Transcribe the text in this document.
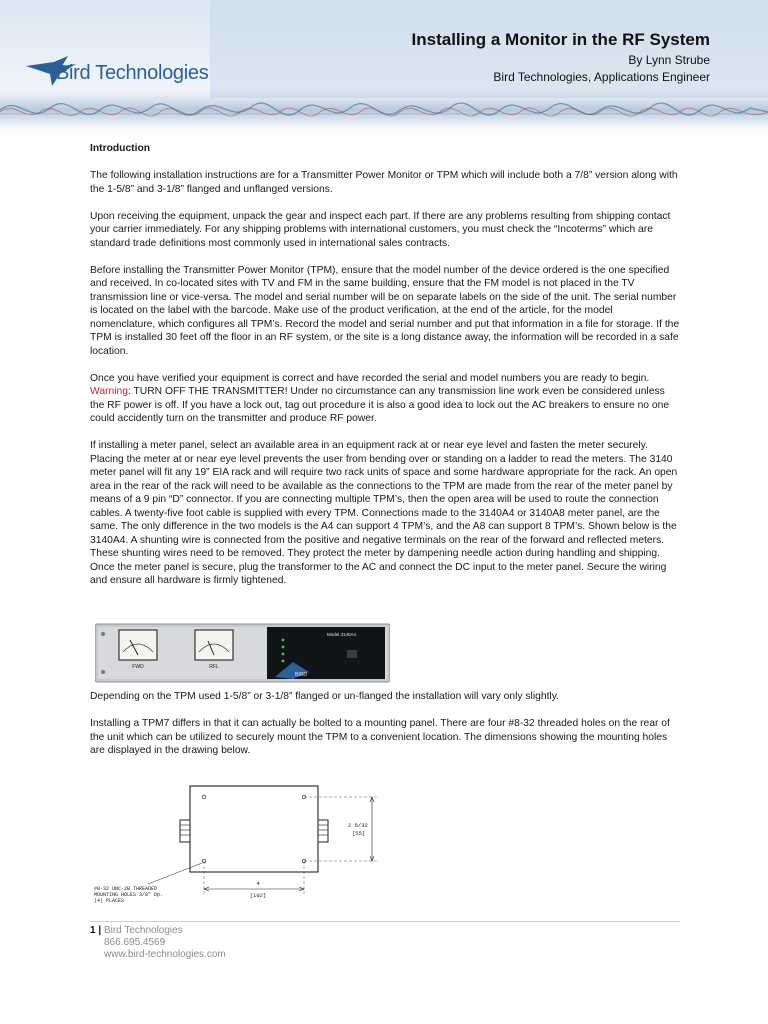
Bird Technologies
Installing a Monitor in the RF System
By Lynn Strube
Bird Technologies, Applications Engineer
Introduction

The following installation instructions are for a Transmitter Power Monitor or TPM which will include both a 7/8” version along with the 1-5/8” and 3-1/8” flanged and unflanged versions.

Upon receiving the equipment, unpack the gear and inspect each part. If there are any problems resulting from shipping contact your carrier immediately. For any shipping problems with international customers, you must check the “Incoterms” which are standard trade definitions most commonly used in international sales contracts.

Before installing the Transmitter Power Monitor (TPM), ensure that the model number of the device ordered is the one specified and received. In co-located sites with TV and FM in the same building, ensure that the FM model is not placed in the TV transmission line or vice-versa. The model and serial number will be on separate labels on the side of the unit. The serial number is located on the label with the barcode. Make use of the product verification, at the end of the article, for the model nomenclature, which configures all TPM’s. Record the model and serial number and put that information in a file for storage. If the TPM is installed 30 feet off the floor in an RF system, or the site is a long distance away, the information will be recorded in a safe location.

Once you have verified your equipment is correct and have recorded the serial and model numbers you are ready to begin. Warning: TURN OFF THE TRANSMITTER! Under no circumstance can any transmission line work even be considered unless the RF power is off. If you have a lock out, tag out procedure it is also a good idea to lock out the AC breakers to ensure no one could accidently turn on the transmitter and produce RF power.

If installing a meter panel, select an available area in an equipment rack at or near eye level and fasten the meter securely. Placing the meter at or near eye level prevents the user from bending over or standing on a ladder to read the meters. The 3140 meter panel will fit any 19” EIA rack and will require two rack units of space and some hardware appropriate for the rack. An open area in the rear of the rack will need to be available as the connections to the TPM are made from the rear of the meter panel by means of a 9 pin “D” connector. If you are connecting multiple TPM’s, then the open area will be used to route the connection cables. A twenty-five foot cable is supplied with every TPM. Connections made to the 3140A4 or 3140A8 meter panel, are the same. The only difference in the two models is the A4 can support 4 TPM’s, and the A8 can support 8 TPM’s. Shown below is the 3140A4. A shunting wire is connected from the positive and negative terminals on the rear of the forward and reflected meters. These shunting wires need to be removed. They protect the meter by dampening needle action during handling and shipping. Once the meter panel is secure, plug the transformer to the AC and connect the DC input to the meter panel. Secure the wiring and ensure all hardware is firmly tightened.

FWD	RFL
BIRD
Model 3140A4

Depending on the TPM used 1-5/8” or 3-1/8” flanged or un-flanged the installation will vary only slightly.

Installing a TPM7 differs in that it can actually be bolted to a mounting panel. There are four #8-32 threaded holes on the rear of the unit which can be utilized to securely mount the TPM to a convenient location. The dimensions showing the mounting holes are displayed in the drawing below.

2 5/32
[55]
4
[102]
#8-32 UNC-2B THREADED
MOUNTING HOLES 3/8" Dp.
(4) PLACES
1 | Bird Technologies
866.695.4569
www.bird-technologies.com
